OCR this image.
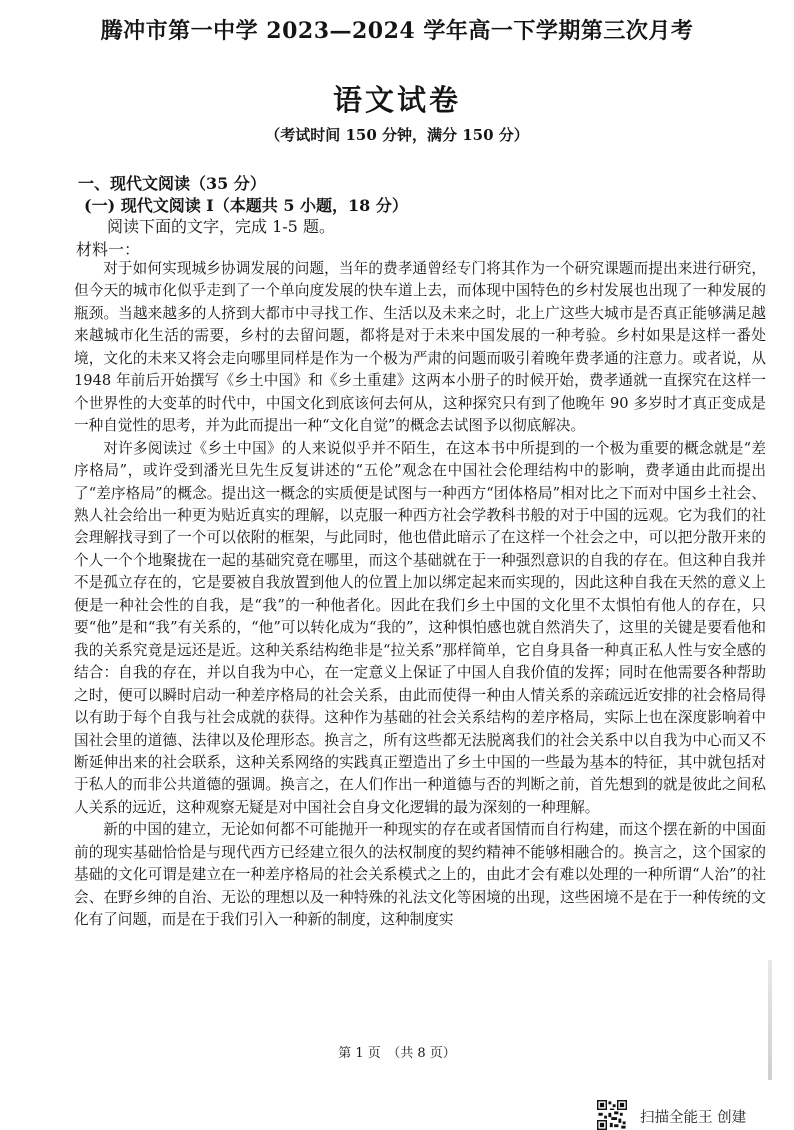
腾冲市第一中学 2023—2024 学年高一下学期第三次月考
语文试卷
（考试时间 150 分钟，满分 150 分）
一、现代文阅读（35 分）
(一) 现代文阅读 I（本题共 5 小题，18 分）
阅读下面的文字，完成 1-5 题。
材料一：

对于如何实现城乡协调发展的问题，当年的费孝通曾经专门将其作为一个研究课题而提出来进行研究，但今天的城市化似乎走到了一个单向度发展的快车道上去，而体现中国特色的乡村发展也出现了一种发展的瓶颈。当越来越多的人挤到大都市中寻找工作、生活以及未来之时，北上广这些大城市是否真正能够满足越来越城市化生活的需要，乡村的去留问题，都将是对于未来中国发展的一种考验。乡村如果是这样一番处境，文化的未来又将会走向哪里同样是作为一个极为严肃的问题而吸引着晚年费孝通的注意力。或者说，从 1948 年前后开始撰写《乡土中国》和《乡土重建》这两本小册子的时候开始，费孝通就一直探究在这样一个世界性的大变革的时代中，中国文化到底该何去何从，这种探究只有到了他晚年 90 多岁时才真正变成是一种自觉性的思考，并为此而提出一种“文化自觉”的概念去试图予以彻底解决。

对许多阅读过《乡土中国》的人来说似乎并不陌生，在这本书中所提到的一个极为重要的概念就是“差序格局”，或许受到潘光旦先生反复讲述的“五伦”观念在中国社会伦理结构中的影响，费孝通由此而提出了“差序格局”的概念。提出这一概念的实质便是试图与一种西方“团体格局”相对比之下而对中国乡土社会、熟人社会给出一种更为贴近真实的理解，以克服一种西方社会学教科书般的对于中国的远观。它为我们的社会理解找寻到了一个可以依附的框架，与此同时，他也借此暗示了在这样一个社会之中，可以把分散开来的个人一个个地聚拢在一起的基础究竟在哪里，而这个基础就在于一种强烈意识的自我的存在。但这种自我并不是孤立存在的，它是要被自我放置到他人的位置上加以绑定起来而实现的，因此这种自我在天然的意义上便是一种社会性的自我，是“我”的一种他者化。因此在我们乡土中国的文化里不太惧怕有他人的存在，只要“他”是和“我”有关系的，“他”可以转化成为“我的”，这种惧怕感也就自然消失了，这里的关键是要看他和我的关系究竟是远还是近。这种关系结构绝非是“拉关系”那样简单，它自身具备一种真正私人性与安全感的结合：自我的存在，并以自我为中心，在一定意义上保证了中国人自我价值的发挥；同时在他需要各种帮助之时，便可以瞬时启动一种差序格局的社会关系，由此而使得一种由人情关系的亲疏远近安排的社会格局得以有助于每个自我与社会成就的获得。这种作为基础的社会关系结构的差序格局，实际上也在深度影响着中国社会里的道德、法律以及伦理形态。换言之，所有这些都无法脱离我们的社会关系中以自我为中心而又不断延伸出来的社会联系，这种关系网络的实践真正塑造出了乡土中国的一些最为基本的特征，其中就包括对于私人的而非公共道德的强调。换言之，在人们作出一种道德与否的判断之前，首先想到的就是彼此之间私人关系的远近，这种观察无疑是对中国社会自身文化逻辑的最为深刻的一种理解。

新的中国的建立，无论如何都不可能抛开一种现实的存在或者国情而自行构建，而这个摆在新的中国面前的现实基础恰恰是与现代西方已经建立很久的法权制度的契约精神不能够相融合的。换言之，这个国家的基础的文化可谓是建立在一种差序格局的社会关系模式之上的，由此才会有难以处理的一种所谓“人治”的社会、在野乡绅的自治、无讼的理想以及一种特殊的礼法文化等困境的出现，这些困境不是在于一种传统的文化有了问题，而是在于我们引入一种新的制度，这种制度实

第 1 页　（共 8 页）
扫描全能王 创建
